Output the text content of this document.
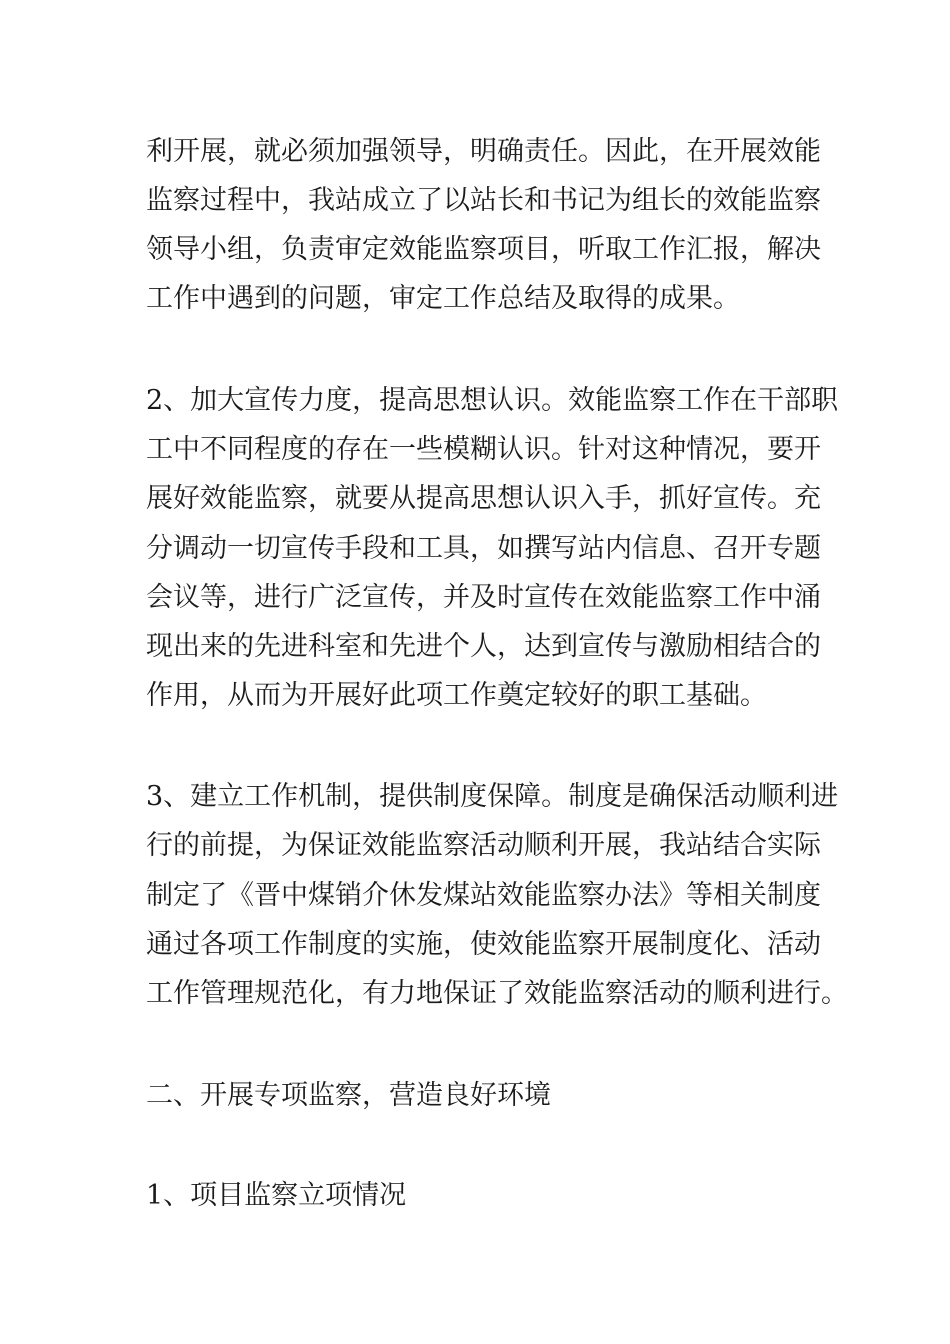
利开展，就必须加强领导，明确责任。因此，在开展效能
监察过程中，我站成立了以站长和书记为组长的效能监察
领导小组，负责审定效能监察项目，听取工作汇报，解决
工作中遇到的问题，审定工作总结及取得的成果。
2、加大宣传力度，提高思想认识。效能监察工作在干部职
工中不同程度的存在一些模糊认识。针对这种情况，要开
展好效能监察，就要从提高思想认识入手，抓好宣传。充
分调动一切宣传手段和工具，如撰写站内信息、召开专题
会议等，进行广泛宣传，并及时宣传在效能监察工作中涌
现出来的先进科室和先进个人，达到宣传与激励相结合的
作用，从而为开展好此项工作奠定较好的职工基础。
3、建立工作机制，提供制度保障。制度是确保活动顺利进
行的前提，为保证效能监察活动顺利开展，我站结合实际
制定了《晋中煤销介休发煤站效能监察办法》等相关制度
通过各项工作制度的实施，使效能监察开展制度化、活动
工作管理规范化，有力地保证了效能监察活动的顺利进行。
二、开展专项监察，营造良好环境
1、项目监察立项情况
